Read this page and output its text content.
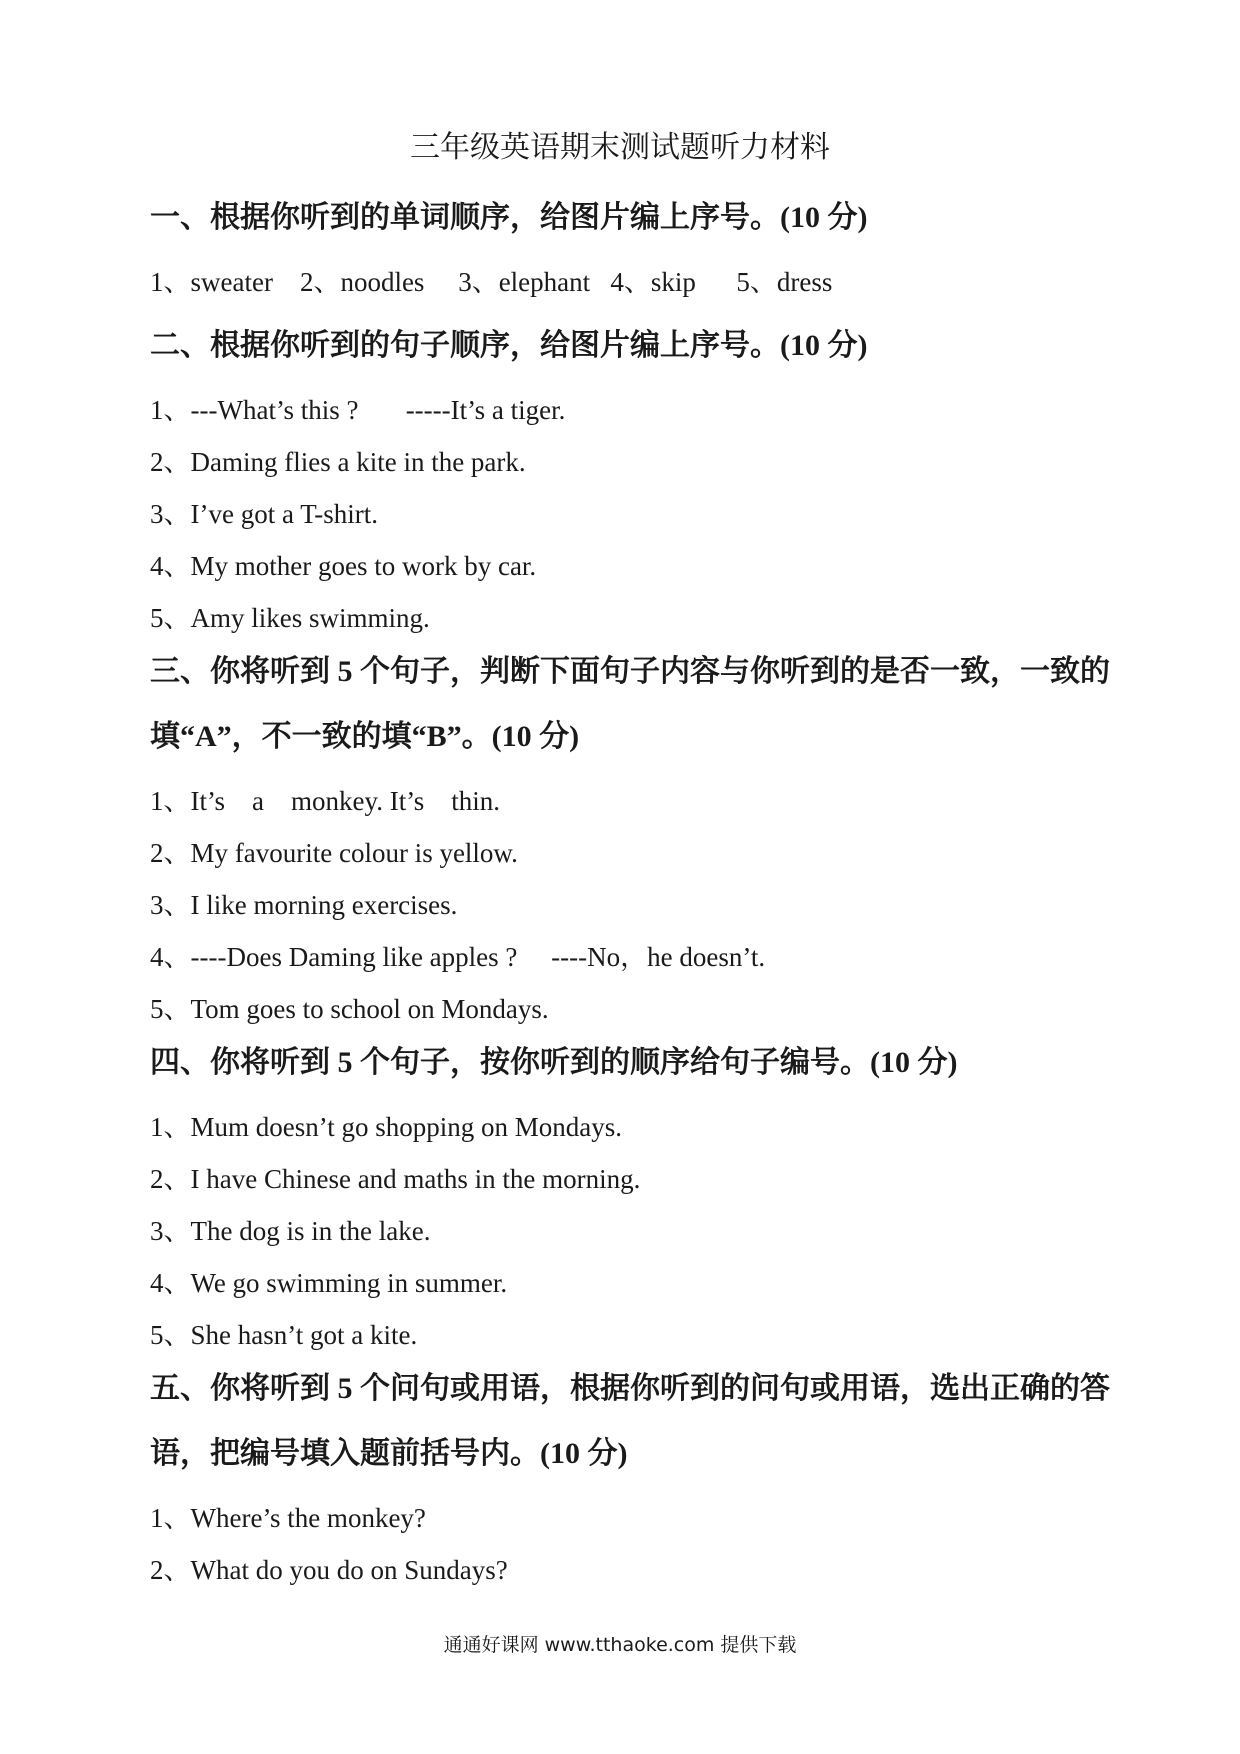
三年级英语期末测试题听力材料
一、根据你听到的单词顺序，给图片编上序号。(10 分)
1、sweater    2、noodles     3、elephant   4、skip      5、dress
二、根据你听到的句子顺序，给图片编上序号。(10 分)
1、---What’s this ?       -----It’s a tiger.
2、Daming flies a kite in the park.
3、I’ve got a T-shirt.
4、My mother goes to work by car.
5、Amy likes swimming.
三、你将听到 5 个句子，判断下面句子内容与你听到的是否一致，一致的
填“A”，不一致的填“B”。(10 分)
1、It’s    a    monkey. It’s    thin.
2、My favourite colour is yellow.
3、I like morning exercises.
4、----Does Daming like apples ?     ----No，he doesn’t.
5、Tom goes to school on Mondays.
四、你将听到 5 个句子，按你听到的顺序给句子编号。(10 分)
1、Mum doesn’t go shopping on Mondays.
2、I have Chinese and maths in the morning.
3、The dog is in the lake.
4、We go swimming in summer.
5、She hasn’t got a kite.
五、你将听到 5 个问句或用语，根据你听到的问句或用语，选出正确的答
语，把编号填入题前括号内。(10 分)
1、Where’s the monkey?
2、What do you do on Sundays?
通通好课网 www.tthaoke.com 提供下载
